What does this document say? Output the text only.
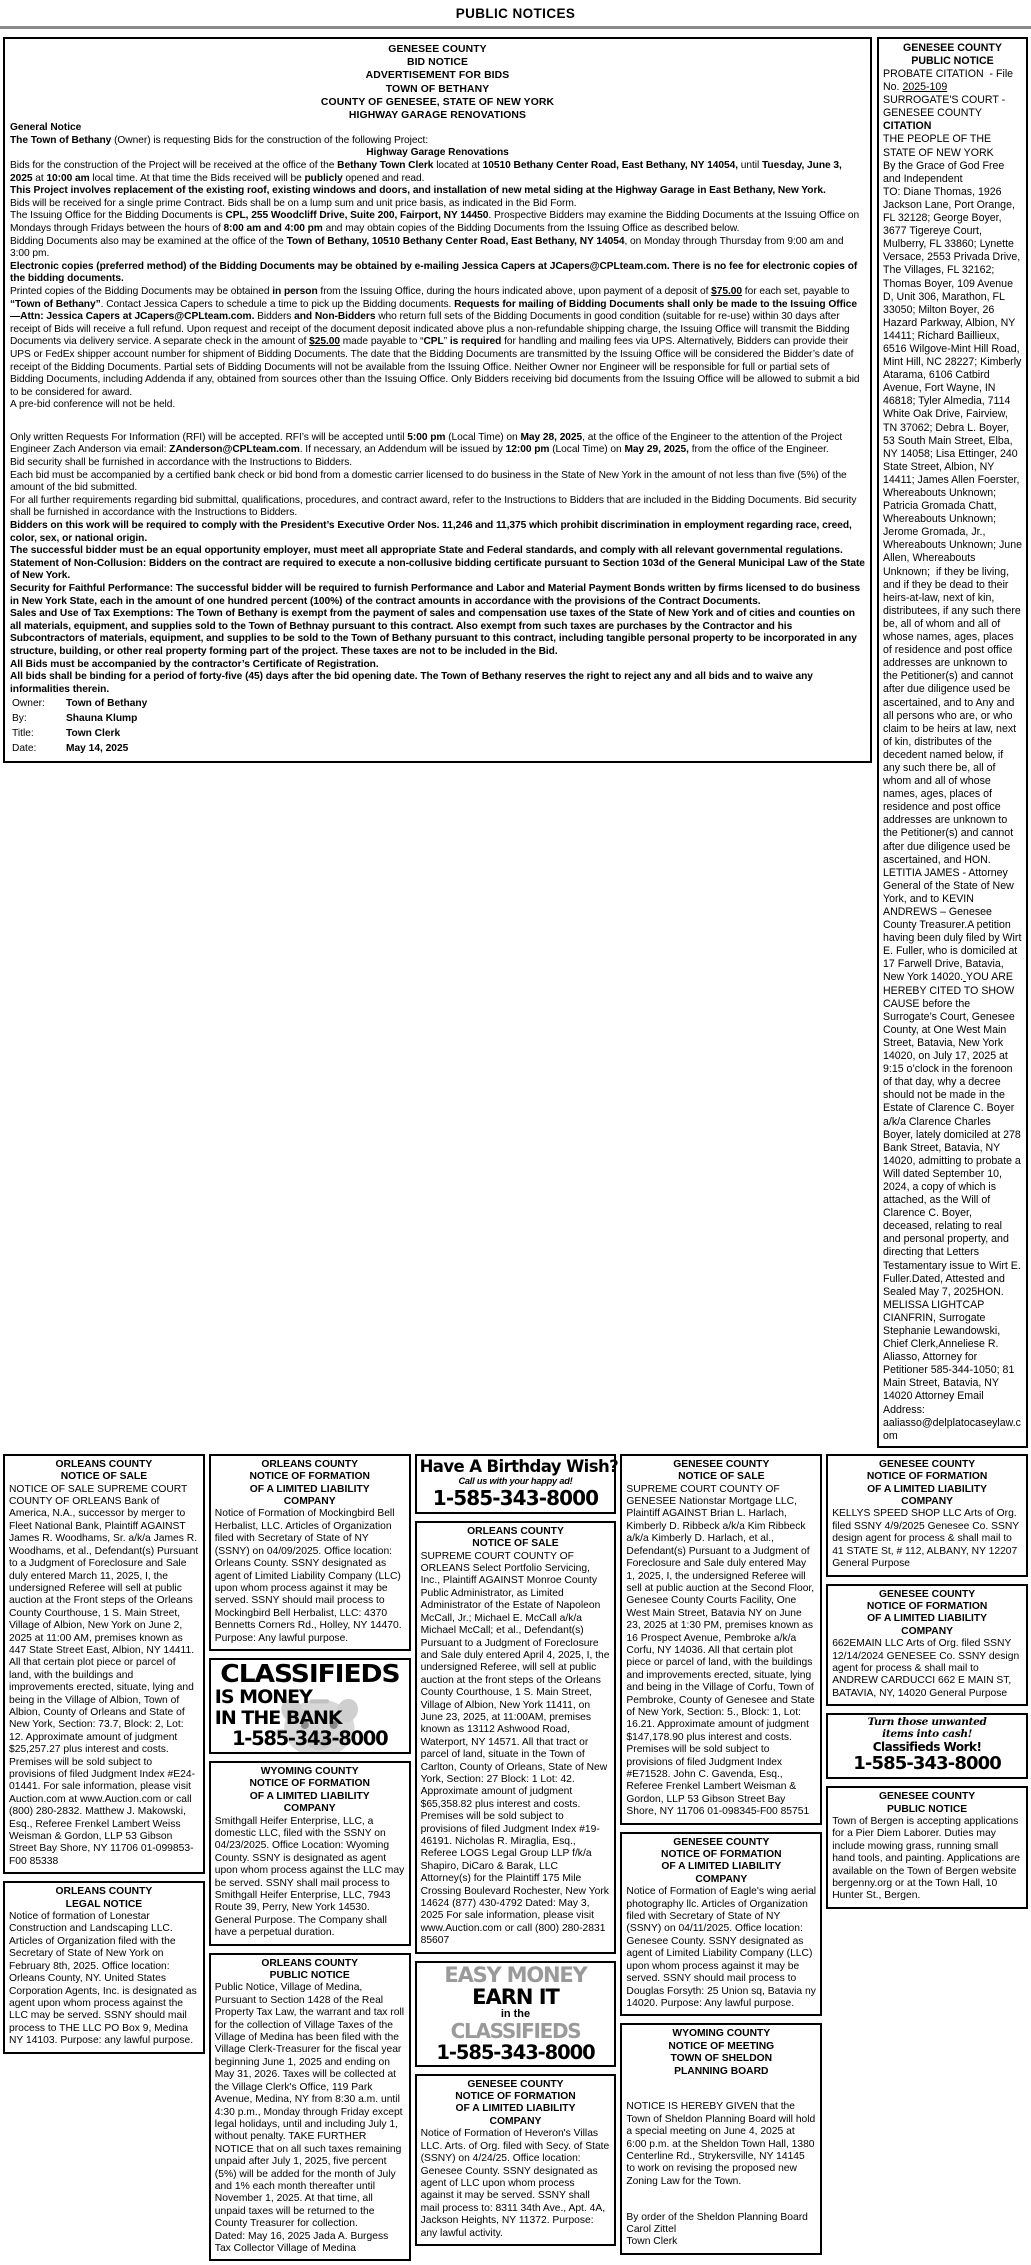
PUBLIC NOTICES
GENESEE COUNTY
BID NOTICE
ADVERTISEMENT FOR BIDS
TOWN OF BETHANY
COUNTY OF GENESEE, STATE OF NEW YORK
HIGHWAY GARAGE RENOVATIONS

General Notice

The Town of Bethany (Owner) is requesting Bids for the construction of the following Project:

Highway Garage Renovations

Bids for the construction of the Project will be received at the office of the Bethany Town Clerk located at 10510 Bethany Center Road, East Bethany, NY 14054, until Tuesday, June 3, 2025 at 10:00 am local time. At that time the Bids received will be publicly opened and read.

This Project involves replacement of the existing roof, existing windows and doors, and installation of new metal siding at the Highway Garage in East Bethany, New York.

Bids will be received for a single prime Contract. Bids shall be on a lump sum and unit price basis, as indicated in the Bid Form.

The Issuing Office for the Bidding Documents is CPL, 255 Woodcliff Drive, Suite 200, Fairport, NY 14450. Prospective Bidders may examine the Bidding Documents at the Issuing Office on Mondays through Fridays between the hours of 8:00 am and 4:00 pm and may obtain copies of the Bidding Documents from the Issuing Office as described below.

Bidding Documents also may be examined at the office of the Town of Bethany, 10510 Bethany Center Road, East Bethany, NY 14054, on Monday through Thursday from 9:00 am and 3:00 pm.

Electronic copies (preferred method) of the Bidding Documents may be obtained by e-mailing Jessica Capers at JCapers@CPLteam.com. There is no fee for electronic copies of the bidding documents.

Printed copies of the Bidding Documents may be obtained in person from the Issuing Office, during the hours indicated above, upon payment of a deposit of $75.00 for each set, payable to “Town of Bethany”. Contact Jessica Capers to schedule a time to pick up the Bidding documents. Requests for mailing of Bidding Documents shall only be made to the Issuing Office—Attn: Jessica Capers at JCapers@CPLteam.com. Bidders and Non-Bidders who return full sets of the Bidding Documents in good condition (suitable for re-use) within 30 days after receipt of Bids will receive a full refund. Upon request and receipt of the document deposit indicated above plus a non-refundable shipping charge, the Issuing Office will transmit the Bidding Documents via delivery service. A separate check in the amount of $25.00 made payable to “CPL” is required for handling and mailing fees via UPS. Alternatively, Bidders can provide their UPS or FedEx shipper account number for shipment of Bidding Documents. The date that the Bidding Documents are transmitted by the Issuing Office will be considered the Bidder’s date of receipt of the Bidding Documents. Partial sets of Bidding Documents will not be available from the Issuing Office. Neither Owner nor Engineer will be responsible for full or partial sets of Bidding Documents, including Addenda if any, obtained from sources other than the Issuing Office. Only Bidders receiving bid documents from the Issuing Office will be allowed to submit a bid to be considered for award.

A pre-bid conference will not be held.

Only written Requests For Information (RFI) will be accepted. RFI’s will be accepted until 5:00 pm (Local Time) on May 28, 2025, at the office of the Engineer to the attention of the Project Engineer Zach Anderson via email: ZAnderson@CPLteam.com. If necessary, an Addendum will be issued by 12:00 pm (Local Time) on May 29, 2025, from the office of the Engineer.

Bid security shall be furnished in accordance with the Instructions to Bidders.

Each bid must be accompanied by a certified bank check or bid bond from a domestic carrier licensed to do business in the State of New York in the amount of not less than five (5%) of the amount of the bid submitted.

For all further requirements regarding bid submittal, qualifications, procedures, and contract award, refer to the Instructions to Bidders that are included in the Bidding Documents. Bid security shall be furnished in accordance with the Instructions to Bidders.

Bidders on this work will be required to comply with the President’s Executive Order Nos. 11,246 and 11,375 which prohibit discrimination in employment regarding race, creed, color, sex, or national origin.

The successful bidder must be an equal opportunity employer, must meet all appropriate State and Federal standards, and comply with all relevant governmental regulations.

Statement of Non-Collusion: Bidders on the contract are required to execute a non-collusive bidding certificate pursuant to Section 103d of the General Municipal Law of the State of New York.

Security for Faithful Performance: The successful bidder will be required to furnish Performance and Labor and Material Payment Bonds written by firms licensed to do business in New York State, each in the amount of one hundred percent (100%) of the contract amounts in accordance with the provisions of the Contract Documents.

Sales and Use of Tax Exemptions: The Town of Bethany is exempt from the payment of sales and compensation use taxes of the State of New York and of cities and counties on all materials, equipment, and supplies sold to the Town of Bethnay pursuant to this contract. Also exempt from such taxes are purchases by the Contractor and his Subcontractors of materials, equipment, and supplies to be sold to the Town of Bethany pursuant to this contract, including tangible personal property to be incorporated in any structure, building, or other real property forming part of the project. These taxes are not to be included in the Bid.

All Bids must be accompanied by the contractor’s Certificate of Registration.

All bids shall be binding for a period of forty-five (45) days after the bid opening date. The Town of Bethany reserves the right to reject any and all bids and to waive any informalities therein.

Owner:	Town of Bethany
By:	Shauna Klump
Title:	Town Clerk
Date:	May 14, 2025
GENESEE COUNTY
PUBLIC NOTICE
PROBATE CITATION  - File No. 2025-109
SURROGATE'S COURT - GENESEE COUNTY
CITATION
THE PEOPLE OF THE STATE OF NEW YORK
By the Grace of God Free and Independent
TO: Diane Thomas, 1926 Jackson Lane, Port Orange, FL 32128; George Boyer, 3677 Tigereye Court, Mulberry, FL 33860; Lynette Versace, 2553 Privada Drive, The Villages, FL 32162; Thomas Boyer, 109 Avenue D, Unit 306, Marathon, FL 33050; Milton Boyer, 26 Hazard Parkway, Albion, NY 14411; Richard Baillieux, 6516 Wilgove-Mint Hill Road, Mint Hill, NC 28227; Kimberly Atarama, 6106 Catbird Avenue, Fort Wayne, IN 46818; Tyler Almedia, 7114 White Oak Drive, Fairview, TN 37062; Debra L. Boyer, 53 South Main Street, Elba, NY 14058; Lisa Ettinger, 240 State Street, Albion, NY 14411; James Allen Foerster, Whereabouts Unknown; Patricia Gromada Chatt, Whereabouts Unknown; Jerome Gromada, Jr., Whereabouts Unknown; June Allen, Whereabouts Unknown;  if they be living, and if they be dead to their heirs-at-law, next of kin, distributees, if any such there be, all of whom and all of whose names, ages, places of residence and post office addresses are unknown to the Petitioner(s) and cannot after due diligence used be ascertained, and to Any and all persons who are, or who claim to be heirs at law, next of kin, distributes of the decedent named below, if any such there be, all of whom and all of whose names, ages, places of residence and post office addresses are unknown to the Petitioner(s) and cannot after due diligence used be ascertained, and HON. LETITIA JAMES - Attorney General of the State of New York, and to KEVIN ANDREWS – Genesee County Treasurer.A petition having been duly filed by Wirt E. Fuller, who is domiciled at 17 Farwell Drive, Batavia, New York 14020. YOU ARE HEREBY CITED TO SHOW CAUSE before the Surrogate’s Court, Genesee County, at One West Main Street, Batavia, New York 14020, on July 17, 2025 at 9:15 o’clock in the forenoon of that day, why a decree should not be made in the Estate of Clarence C. Boyer a/k/a Clarence Charles Boyer, lately domiciled at 278 Bank Street, Batavia, NY 14020, admitting to probate a Will dated September 10, 2024, a copy of which is attached, as the Will of Clarence C. Boyer, deceased, relating to real and personal property, and directing that Letters Testamentary issue to Wirt E. Fuller.Dated, Attested and Sealed May 7, 2025HON. MELISSA LIGHTCAP CIANFRIN, Surrogate Stephanie Lewandowski, Chief Clerk,Anneliese R. Aliasso, Attorney for Petitioner 585-344-1050; 81 Main Street, Batavia, NY 14020 Attorney Email Address: aaliasso@delplatocaseylaw.com
ORLEANS COUNTY
NOTICE OF SALE
NOTICE OF SALE SUPREME COURT COUNTY OF ORLEANS Bank of America, N.A., successor by merger to Fleet National Bank, Plaintiff AGAINST James R. Woodhams, Sr. a/k/a James R. Woodhams, et al., Defendant(s) Pursuant to a Judgment of Foreclosure and Sale duly entered March 11, 2025, I, the undersigned Referee will sell at public auction at the Front steps of the Orleans County Courthouse, 1 S. Main Street, Village of Albion, New York on June 2, 2025 at 11:00 AM, premises known as 447 State Street East, Albion, NY 14411. All that certain plot piece or parcel of land, with the buildings and improvements erected, situate, lying and being in the Village of Albion, Town of Albion, County of Orleans and State of New York, Section: 73.7, Block: 2, Lot: 12. Approximate amount of judgment $25,257.27 plus interest and costs. Premises will be sold subject to provisions of filed Judgment Index #E24-01441. For sale information, please visit Auction.com at www.Auction.com or call (800) 280-2832. Matthew J. Makowski, Esq., Referee Frenkel Lambert Weiss Weisman & Gordon, LLP 53 Gibson Street Bay Shore, NY 11706 01-099853-F00 85338
ORLEANS COUNTY
LEGAL NOTICE
Notice of formation of Lonestar Construction and Landscaping LLC. Articles of Organization filed with the Secretary of State of New York on February 8th, 2025. Office location: Orleans County, NY. United States Corporation Agents, Inc. is designated as agent upon whom process against the LLC may be served. SSNY should mail process to THE LLC PO Box 9, Medina NY 14103. Purpose: any lawful purpose.
ORLEANS COUNTY
NOTICE OF FORMATION
OF A LIMITED LIABILITY
COMPANY
Notice of Formation of Mockingbird Bell Herbalist, LLC. Articles of Organization filed with Secretary of State of NY (SSNY) on 04/09/2025. Office location: Orleans County. SSNY designated as agent of Limited Liability Company (LLC) upon whom process against it may be served. SSNY should mail process to Mockingbird Bell Herbalist, LLC: 4370 Bennetts Corners Rd., Holley, NY 14470. Purpose: Any lawful purpose.
CLASSIFIEDS
IS MONEY
IN THE BANK
1-585-343-8000
WYOMING COUNTY
NOTICE OF FORMATION
OF A LIMITED LIABILITY
COMPANY
Smithgall Heifer Enterprise, LLC, a domestic LLC, filed with the SSNY on 04/23/2025. Office Location: Wyoming County. SSNY is designated as agent upon whom process against the LLC may be served. SSNY shall mail process to Smithgall Heifer Enterprise, LLC, 7943 Route 39, Perry, New York 14530. General Purpose. The Company shall have a perpetual duration.
ORLEANS COUNTY
PUBLIC NOTICE
Public Notice, Village of Medina, Pursuant to Section 1428 of the Real Property Tax Law, the warrant and tax roll for the collection of Village Taxes of the Village of Medina has been filed with the Village Clerk-Treasurer for the fiscal year beginning June 1, 2025 and ending on May 31, 2026. Taxes will be collected at the Village Clerk's Office, 119 Park Avenue, Medina, NY from 8:30 a.m. until 4:30 p.m., Monday through Friday except legal holidays, until and including July 1, without penalty. TAKE FURTHER NOTICE that on all such taxes remaining unpaid after July 1, 2025, five percent (5%) will be added for the month of July and 1% each month thereafter until November 1, 2025. At that time, all unpaid taxes will be returned to the County Treasurer for collection.
Dated: May 16, 2025 Jada A. Burgess Tax Collector Village of Medina
Have A Birthday Wish?
Call us with your happy ad!
1-585-343-8000
ORLEANS COUNTY
NOTICE OF SALE
SUPREME COURT COUNTY OF ORLEANS Select Portfolio Servicing, Inc., Plaintiff AGAINST Monroe County Public Administrator, as Limited Administrator of the Estate of Napoleon McCall, Jr.; Michael E. McCall a/k/a Michael McCall; et al., Defendant(s) Pursuant to a Judgment of Foreclosure and Sale duly entered April 4, 2025, I, the undersigned Referee, will sell at public auction at the front steps of the Orleans County Courthouse, 1 S. Main Street, Village of Albion, New York 11411, on June 23, 2025, at 11:00AM, premises known as 13112 Ashwood Road, Waterport, NY 14571. All that tract or parcel of land, situate in the Town of Carlton, County of Orleans, State of New York, Section: 27 Block: 1 Lot: 42. Approximate amount of judgment $65,358.82 plus interest and costs. Premises will be sold subject to provisions of filed Judgment Index #19-46191. Nicholas R. Miraglia, Esq., Referee LOGS Legal Group LLP f/k/a Shapiro, DiCaro & Barak, LLC Attorney(s) for the Plaintiff 175 Mile Crossing Boulevard Rochester, New York 14624 (877) 430-4792 Dated: May 3, 2025 For sale information, please visit www.Auction.com or call (800) 280-2831 85607
EASY MONEY
EARN IT
in the
CLASSIFIEDS
1-585-343-8000
GENESEE COUNTY
NOTICE OF FORMATION
OF A LIMITED LIABILITY
COMPANY
Notice of Formation of Heveron's Villas LLC. Arts. of Org. filed with Secy. of State (SSNY) on 4/24/25. Office location: Genesee County. SSNY designated as agent of LLC upon whom process against it may be served. SSNY shall mail process to: 8311 34th Ave., Apt. 4A, Jackson Heights, NY 11372. Purpose: any lawful activity.
GENESEE COUNTY
NOTICE OF SALE
SUPREME COURT COUNTY OF GENESEE Nationstar Mortgage LLC, Plaintiff AGAINST Brian L. Harlach, Kimberly D. Ribbeck a/k/a Kim Ribbeck a/k/a Kimberly D. Harlach, et al., Defendant(s) Pursuant to a Judgment of Foreclosure and Sale duly entered May 1, 2025, I, the undersigned Referee will sell at public auction at the Second Floor, Genesee County Courts Facility, One West Main Street, Batavia NY on June 23, 2025 at 1:30 PM, premises known as 16 Prospect Avenue, Pembroke a/k/a Corfu, NY 14036. All that certain plot piece or parcel of land, with the buildings and improvements erected, situate, lying and being in the Village of Corfu, Town of Pembroke, County of Genesee and State of New York, Section: 5., Block: 1, Lot: 16.21. Approximate amount of judgment $147,178.90 plus interest and costs. Premises will be sold subject to provisions of filed Judgment Index #E71528. John C. Gavenda, Esq., Referee Frenkel Lambert Weisman & Gordon, LLP 53 Gibson Street Bay Shore, NY 11706 01-098345-F00 85751
GENESEE COUNTY
NOTICE OF FORMATION
OF A LIMITED LIABILITY
COMPANY
Notice of Formation of Eagle's wing aerial photography llc. Articles of Organization filed with Secretary of State of NY (SSNY) on 04/11/2025. Office location: Genesee County. SSNY designated as agent of Limited Liability Company (LLC) upon whom process against it may be served. SSNY should mail process to Douglas Forsyth: 25 Union sq, Batavia ny 14020. Purpose: Any lawful purpose.
WYOMING COUNTY
NOTICE OF MEETING
TOWN OF SHELDON
PLANNING BOARD

NOTICE IS HEREBY GIVEN that the Town of Sheldon Planning Board will hold a special meeting on June 4, 2025 at 6:00 p.m. at the Sheldon Town Hall, 1380 Centerline Rd., Strykersville, NY 14145 to work on revising the proposed new Zoning Law for the Town.

By order of the Sheldon Planning Board
Carol Zittel
Town Clerk
GENESEE COUNTY
NOTICE OF FORMATION
OF A LIMITED LIABILITY
COMPANY
KELLYS SPEED SHOP LLC Arts of Org. filed SSNY 4/9/2025 Genesee Co. SSNY design agent for process & shall mail to 41 STATE St, # 112, ALBANY, NY 12207 General Purpose
GENESEE COUNTY
NOTICE OF FORMATION
OF A LIMITED LIABILITY
COMPANY
662EMAIN LLC Arts of Org. filed SSNY 12/14/2024 GENESEE Co. SSNY design agent for process & shall mail to ANDREW CARDUCCI 662 E MAIN ST, BATAVIA, NY, 14020 General Purpose
Turn those unwanted
items into cash!
Classifieds Work!
1-585-343-8000
GENESEE COUNTY
PUBLIC NOTICE
Town of Bergen is accepting applications for a Pier Diem Laborer. Duties may include mowing grass, running small hand tools, and painting. Applications are available on the Town of Bergen website bergenny.org or at the Town Hall, 10 Hunter St., Bergen.
